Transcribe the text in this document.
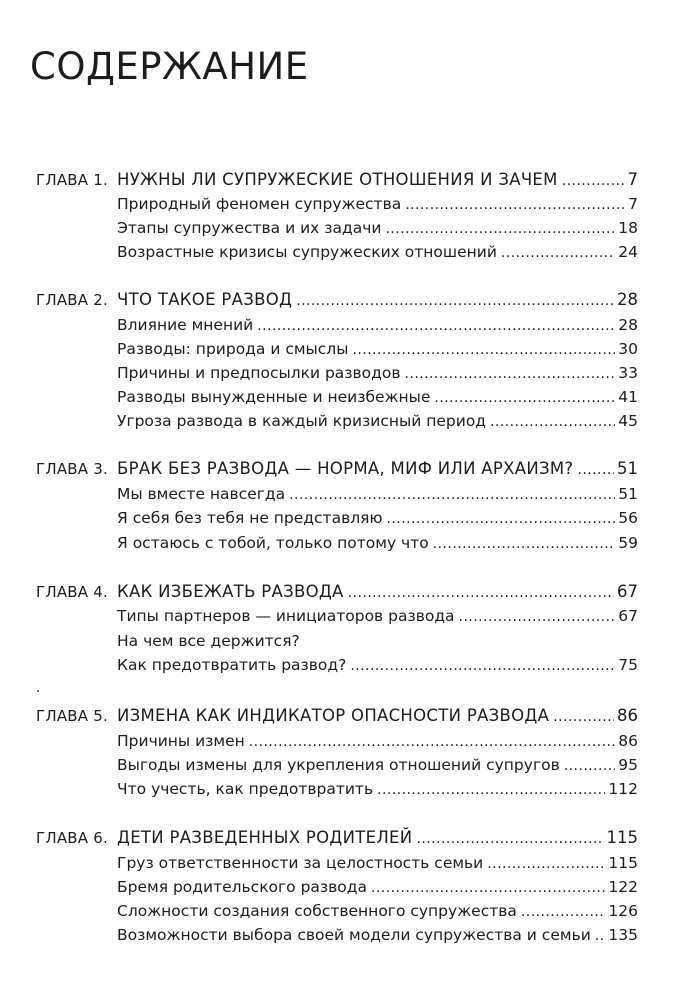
СОДЕРЖАНИЕ
ГЛАВА 1. НУЖНЫ ЛИ СУПРУЖЕСКИЕ ОТНОШЕНИЯ И ЗАЧЕМ . . .	7
Природный феномен супружества . . .	7
Этапы супружества и их задачи . . .	18
Возрастные кризисы супружеских отношений . . .	24
ГЛАВА 2. ЧТО ТАКОЕ РАЗВОД . . .	28
Влияние мнений . . .	28
Разводы: природа и смыслы . . .	30
Причины и предпосылки разводов . . .	33
Разводы вынужденные и неизбежные . . .	41
Угроза развода в каждый кризисный период . . .	45
ГЛАВА 3. БРАК БЕЗ РАЗВОДА — НОРМА, МИФ ИЛИ АРХАИЗМ? . . .	51
Мы вместе навсегда . . .	51
Я себя без тебя не представляю . . .	56
Я остаюсь с тобой, только потому что . . .	59
ГЛАВА 4. КАК ИЗБЕЖАТЬ РАЗВОДА . . .	67
Типы партнеров — инициаторов развода . . .	67
На чем все держится?
Как предотвратить развод? . . .	75
ГЛАВА 5. ИЗМЕНА КАК ИНДИКАТОР ОПАСНОСТИ РАЗВОДА . . .	86
Причины измен . . .	86
Выгоды измены для укрепления отношений супругов . . .	95
Что учесть, как предотвратить . . .	112
ГЛАВА 6. ДЕТИ РАЗВЕДЕННЫХ РОДИТЕЛЕЙ . . .	115
Груз ответственности за целостность семьи . . .	115
Бремя родительского развода . . .	122
Сложности создания собственного супружества . . .	126
Возможности выбора своей модели супружества и семьи . . . 135
